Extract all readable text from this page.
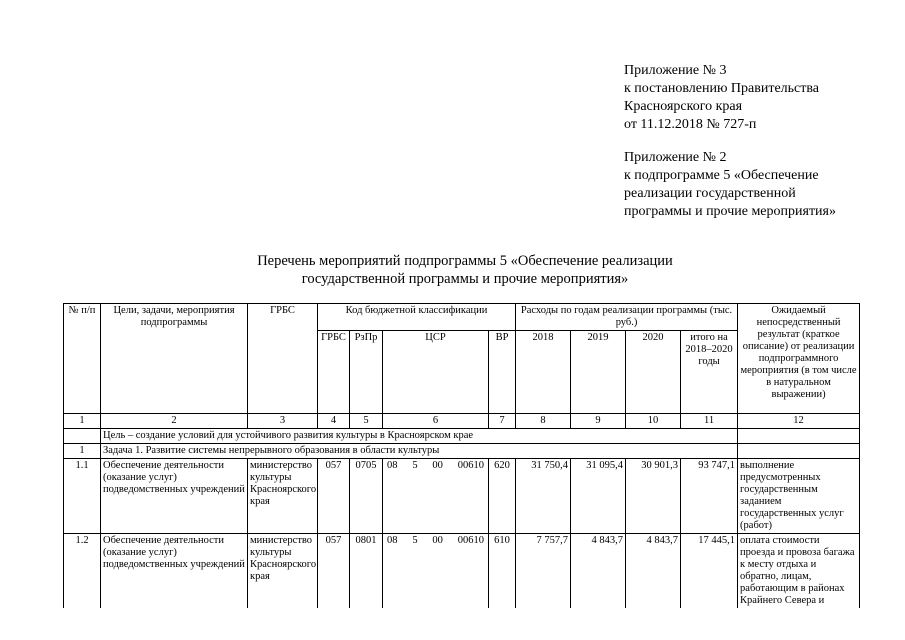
Приложение № 3
к постановлению Правительства
Красноярского края
от 11.12.2018 № 727-п
Приложение № 2
к подпрограмме 5 «Обеспечение
реализации государственной
программы и прочие мероприятия»
Перечень мероприятий подпрограммы 5 «Обеспечение реализации
государственной программы и прочие мероприятия»
№ п/п	Цели, задачи, мероприятия подпрограммы	ГРБС	Код бюджетной классификации				Расходы по годам реализации программы (тыс. руб.)				Ожидаемый непосредственный результат (краткое описание) от реализации подпрограммного мероприятия (в том числе в натуральном выражении)
			ГРБС	РзПр	ЦСР	ВР	2018	2019	2020	итого на 2018–2020 годы	
1	2	3	4	5	6	7	8	9	10	11	12
	Цель – создание условий для устойчивого развития культуры в Красноярском крае										
1	Задача 1. Развитие системы непрерывного образования в области культуры										
1.1	Обеспечение деятельности (оказание услуг) подведомственных учреждений	министерство культуры Красноярского края	057	0705	08 5 00 00610	620	31 750,4	31 095,4	30 901,3	93 747,1	выполнение предусмотренных государственным заданием государственных услуг (работ)
1.2	Обеспечение деятельности (оказание услуг) подведомственных учреждений	министерство культуры Красноярского края	057	0801	08 5 00 00610	610	7 757,7	4 843,7	4 843,7	17 445,1	оплата стоимости проезда и провоза багажа к месту отдыха и обратно, лицам, работающим в районах Крайнего Севера и
